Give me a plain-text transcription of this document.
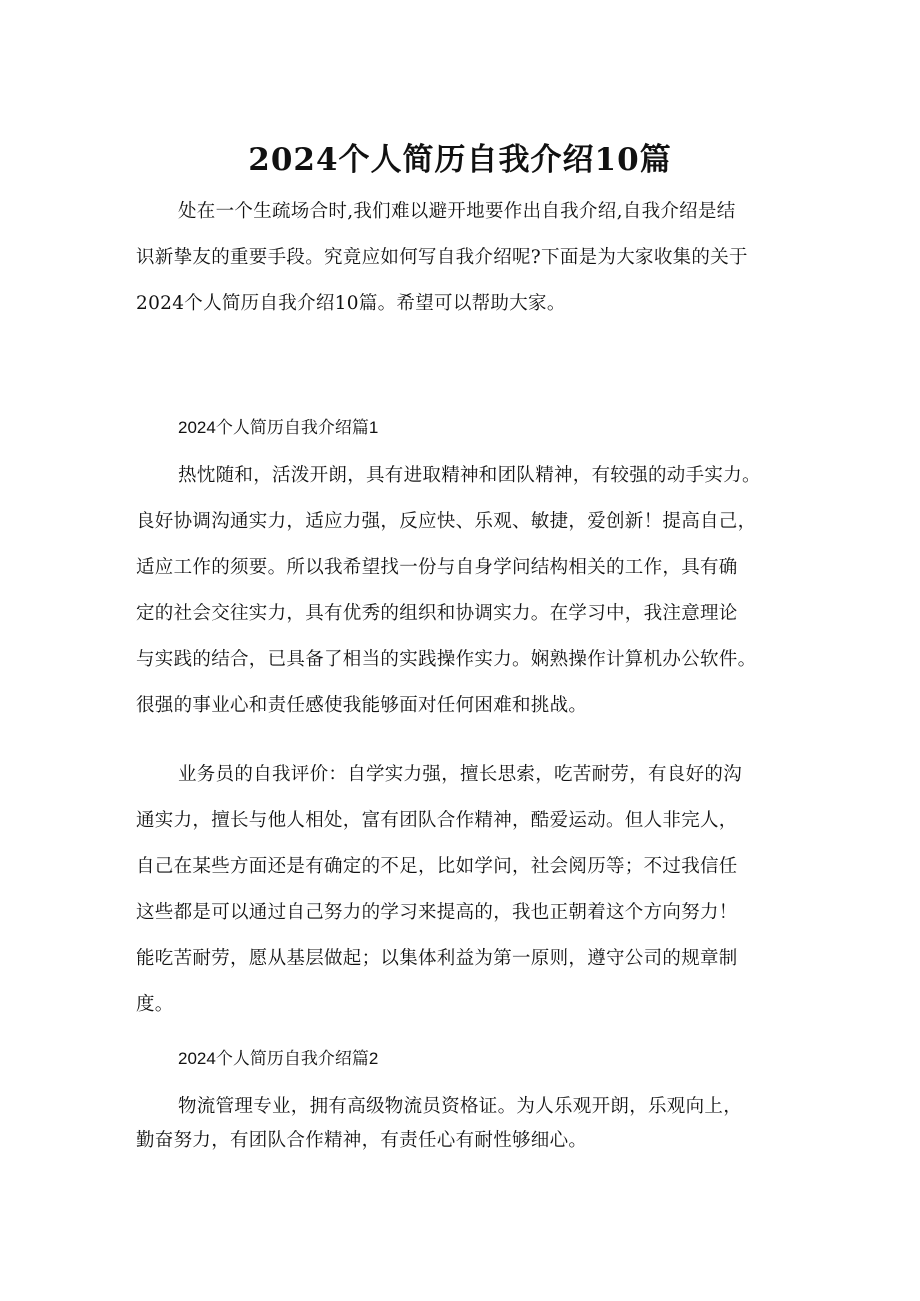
2024个人简历自我介绍10篇
处在一个生疏场合时,我们难以避开地要作出自我介绍,自我介绍是结
识新挚友的重要手段。究竟应如何写自我介绍呢?下面是为大家收集的关于
2024个人简历自我介绍10篇。希望可以帮助大家。
2024个人简历自我介绍篇1
热忱随和，活泼开朗，具有进取精神和团队精神，有较强的动手实力。
良好协调沟通实力，适应力强，反应快、乐观、敏捷，爱创新！提高自己，
适应工作的须要。所以我希望找一份与自身学问结构相关的工作，具有确
定的社会交往实力，具有优秀的组织和协调实力。在学习中，我注意理论
与实践的结合，已具备了相当的实践操作实力。娴熟操作计算机办公软件。
很强的事业心和责任感使我能够面对任何困难和挑战。
业务员的自我评价：自学实力强，擅长思索，吃苦耐劳，有良好的沟
通实力，擅长与他人相处，富有团队合作精神，酷爱运动。但人非完人，
自己在某些方面还是有确定的不足，比如学问，社会阅历等；不过我信任
这些都是可以通过自己努力的学习来提高的，我也正朝着这个方向努力！
能吃苦耐劳，愿从基层做起；以集体利益为第一原则，遵守公司的规章制
度。
2024个人简历自我介绍篇2
物流管理专业，拥有高级物流员资格证。为人乐观开朗，乐观向上，
勤奋努力，有团队合作精神，有责任心有耐性够细心。
